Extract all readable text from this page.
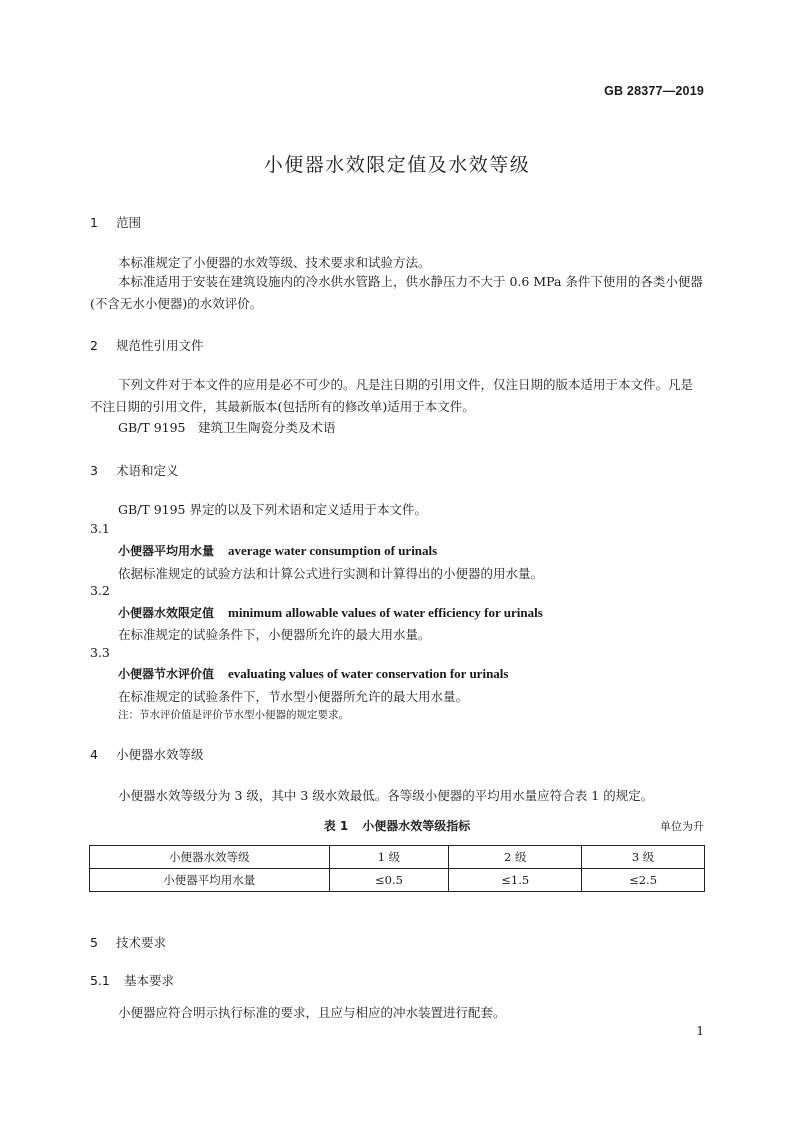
GB 28377—2019
小便器水效限定值及水效等级
1 范围
本标准规定了小便器的水效等级、技术要求和试验方法。
本标准适用于安装在建筑设施内的冷水供水管路上，供水静压力不大于 0.6 MPa 条件下使用的各类小便器(不含无水小便器)的水效评价。
2 规范性引用文件
下列文件对于本文件的应用是必不可少的。凡是注日期的引用文件，仅注日期的版本适用于本文件。凡是不注日期的引用文件，其最新版本(包括所有的修改单)适用于本文件。
GB/T 9195　建筑卫生陶瓷分类及术语
3 术语和定义
GB/T 9195 界定的以及下列术语和定义适用于本文件。
3.1
小便器平均用水量 average water consumption of urinals
依据标准规定的试验方法和计算公式进行实测和计算得出的小便器的用水量。
3.2
小便器水效限定值 minimum allowable values of water efficiency for urinals
在标准规定的试验条件下，小便器所允许的最大用水量。
3.3
小便器节水评价值 evaluating values of water conservation for urinals
在标准规定的试验条件下，节水型小便器所允许的最大用水量。
注：节水评价值是评价节水型小便器的规定要求。
4 小便器水效等级
小便器水效等级分为 3 级，其中 3 级水效最低。各等级小便器的平均用水量应符合表 1 的规定。
表 1 小便器水效等级指标	单位为升
小便器水效等级	1 级	2 级	3 级
小便器平均用水量	≤0.5	≤1.5	≤2.5
5 技术要求
5.1 基本要求
小便器应符合明示执行标准的要求，且应与相应的冲水装置进行配套。
1
